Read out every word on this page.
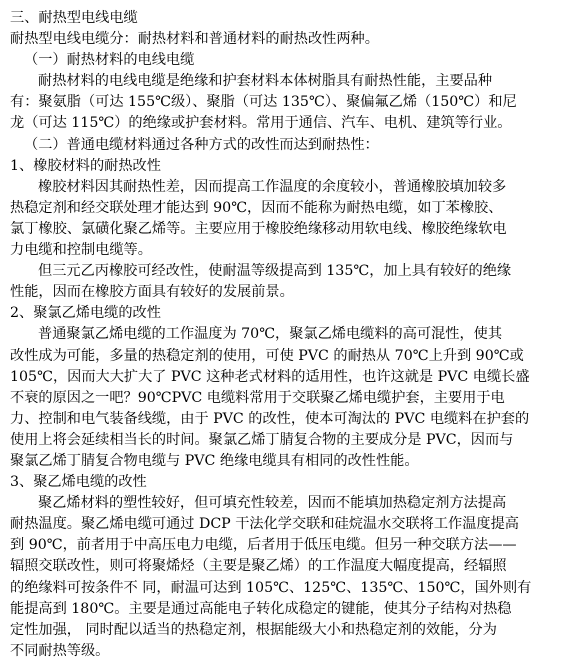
三、耐热型电线电缆
耐热型电线电缆分：耐热材料和普通材料的耐热改性两种。
（一）耐热材料的电线电缆
耐热材料的电线电缆是绝缘和护套材料本体树脂具有耐热性能，主要品种
有：聚氨脂（可达 155℃级）、聚脂（可达 135℃）、聚偏氟乙烯（150℃）和尼
龙（可达 115℃）的绝缘或护套材料。常用于通信、汽车、电机、建筑等行业。
（二）普通电缆材料通过各种方式的改性而达到耐热性：
1、橡胶材料的耐热改性
橡胶材料因其耐热性差，因而提高工作温度的余度较小，普通橡胶填加较多
热稳定剂和经交联处理才能达到 90℃，因而不能称为耐热电缆，如丁苯橡胶、
氯丁橡胶、氯磺化聚乙烯等。主要应用于橡胶绝缘移动用软电线、橡胶绝缘软电
力电缆和控制电缆等。
但三元乙丙橡胶可经改性，使耐温等级提高到 135℃，加上具有较好的绝缘
性能，因而在橡胶方面具有较好的发展前景。
2、聚氯乙烯电缆的改性
普通聚氯乙烯电缆的工作温度为 70℃，聚氯乙烯电缆料的高可混性，使其
改性成为可能，多量的热稳定剂的使用，可使 PVC 的耐热从 70℃上升到 90℃或
105℃，因而大大扩大了 PVC 这种老式材料的适用性，也许这就是 PVC 电缆长盛
不衰的原因之一吧？90℃PVC 电缆料常用于交联聚乙烯电缆护套，主要用于电
力、控制和电气装备线缆，由于 PVC 的改性，使本可淘汰的 PVC 电缆料在护套的
使用上将会延续相当长的时间。聚氯乙烯丁腈复合物的主要成分是 PVC，因而与
聚氯乙烯丁腈复合物电缆与 PVC 绝缘电缆具有相同的改性性能。
3、聚乙烯电缆的改性
聚乙烯材料的塑性较好，但可填充性较差，因而不能填加热稳定剂方法提高
耐热温度。聚乙烯电缆可通过 DCP 干法化学交联和硅烷温水交联将工作温度提高
到 90℃，前者用于中高压电力电缆，后者用于低压电缆。但另一种交联方法——
辐照交联改性，则可将聚烯烃（主要是聚乙烯）的工作温度大幅度提高，经辐照
的绝缘料可按条件不 同，耐温可达到 105℃、125℃、135℃、150℃，国外则有
能提高到 180℃。主要是通过高能电子转化成稳定的键能，使其分子结构对热稳
定性加强， 同时配以适当的热稳定剂，根据能级大小和热稳定剂的效能，分为
不同耐热等级。
